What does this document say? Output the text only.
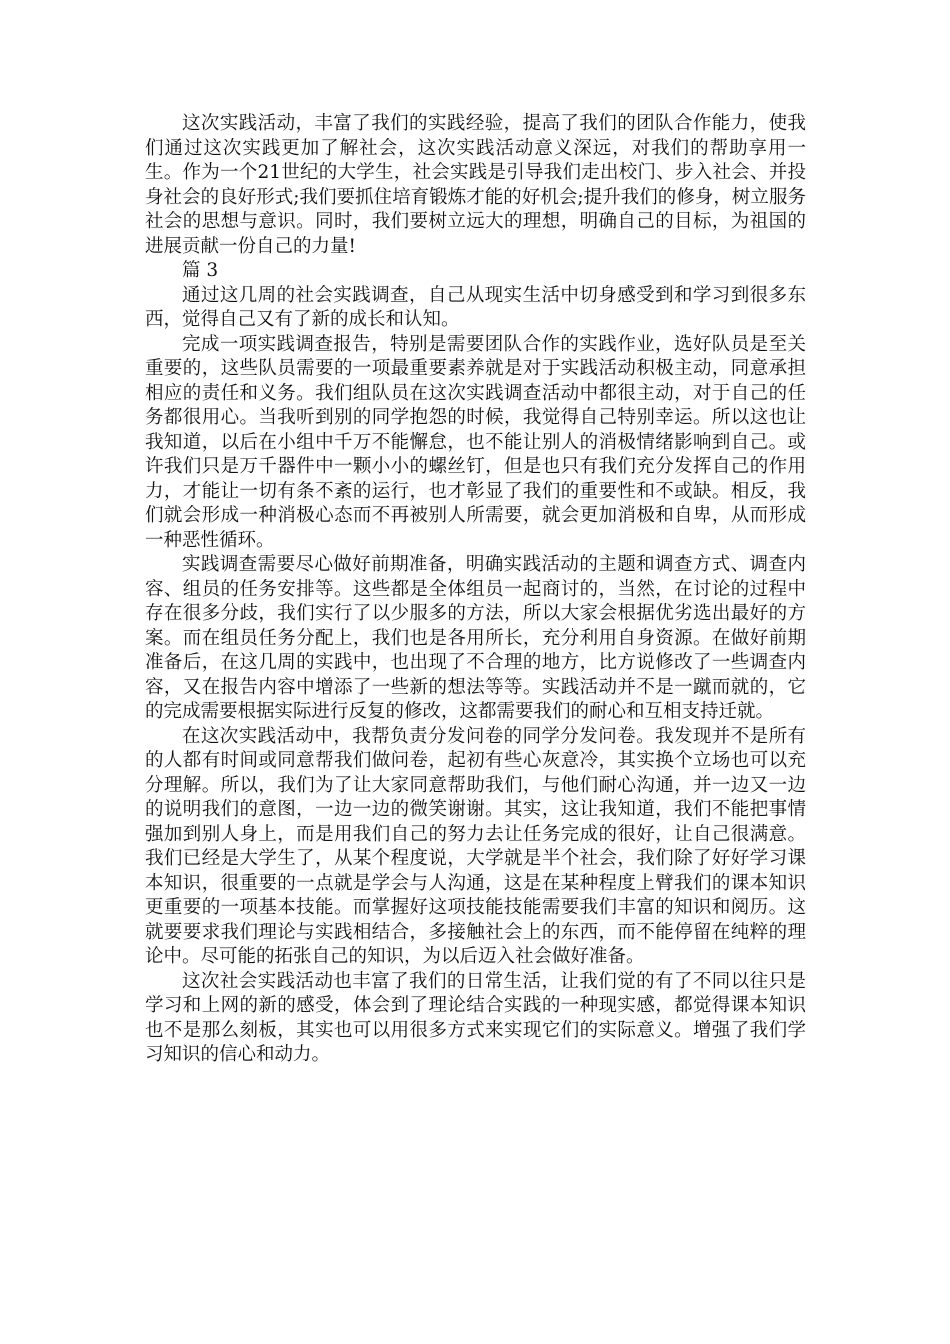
这次实践活动，丰富了我们的实践经验，提高了我们的团队合作能力，使我们通过这次实践更加了解社会，这次实践活动意义深远，对我们的帮助享用一生。作为一个21世纪的大学生，社会实践是引导我们走出校门、步入社会、并投身社会的良好形式;我们要抓住培育锻炼才能的好机会;提升我们的修身，树立服务社会的思想与意识。同时，我们要树立远大的理想，明确自己的目标，为祖国的进展贡献一份自己的力量!

篇 3

通过这几周的社会实践调查，自己从现实生活中切身感受到和学习到很多东西，觉得自己又有了新的成长和认知。

完成一项实践调查报告，特别是需要团队合作的实践作业，选好队员是至关重要的，这些队员需要的一项最重要素养就是对于实践活动积极主动，同意承担相应的责任和义务。我们组队员在这次实践调查活动中都很主动，对于自己的任务都很用心。当我听到别的同学抱怨的时候，我觉得自己特别幸运。所以这也让我知道，以后在小组中千万不能懈怠，也不能让别人的消极情绪影响到自己。或许我们只是万千器件中一颗小小的螺丝钉，但是也只有我们充分发挥自己的作用力，才能让一切有条不紊的运行，也才彰显了我们的重要性和不或缺。相反，我们就会形成一种消极心态而不再被别人所需要，就会更加消极和自卑，从而形成一种恶性循环。

实践调查需要尽心做好前期准备，明确实践活动的主题和调查方式、调查内容、组员的任务安排等。这些都是全体组员一起商讨的，当然，在讨论的过程中存在很多分歧，我们实行了以少服多的方法，所以大家会根据优劣选出最好的方案。而在组员任务分配上，我们也是各用所长，充分利用自身资源。在做好前期准备后，在这几周的实践中，也出现了不合理的地方，比方说修改了一些调查内容，又在报告内容中增添了一些新的想法等等。实践活动并不是一蹴而就的，它的完成需要根据实际进行反复的修改，这都需要我们的耐心和互相支持迁就。

在这次实践活动中，我帮负责分发问卷的同学分发问卷。我发现并不是所有的人都有时间或同意帮我们做问卷，起初有些心灰意冷，其实换个立场也可以充分理解。所以，我们为了让大家同意帮助我们，与他们耐心沟通，并一边又一边的说明我们的意图，一边一边的微笑谢谢。其实，这让我知道，我们不能把事情强加到别人身上，而是用我们自己的努力去让任务完成的很好，让自己很满意。我们已经是大学生了，从某个程度说，大学就是半个社会，我们除了好好学习课本知识，很重要的一点就是学会与人沟通，这是在某种程度上臂我们的课本知识更重要的一项基本技能。而掌握好这项技能技能需要我们丰富的知识和阅历。这就要要求我们理论与实践相结合，多接触社会上的东西，而不能停留在纯粹的理论中。尽可能的拓张自己的知识，为以后迈入社会做好准备。

这次社会实践活动也丰富了我们的日常生活，让我们觉的有了不同以往只是学习和上网的新的感受，体会到了理论结合实践的一种现实感，都觉得课本知识也不是那么刻板，其实也可以用很多方式来实现它们的实际意义。增强了我们学习知识的信心和动力。
